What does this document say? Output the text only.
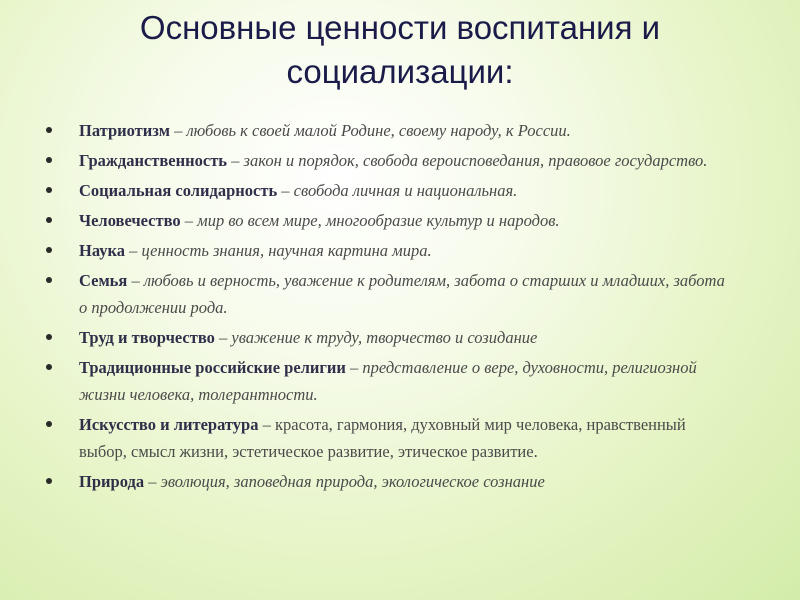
Основные ценности воспитания и социализации:
Патриотизм – любовь к своей малой Родине, своему народу, к России.
Гражданственность – закон и порядок, свобода вероисповедания, правовое государство.
Социальная солидарность – свобода личная и национальная.
Человечество – мир во всем мире, многообразие культур и народов.
Наука – ценность знания, научная картина мира.
Семья – любовь и верность, уважение к родителям, забота о старших и младших, забота о продолжении рода.
Труд и творчество – уважение к труду, творчество и созидание
Традиционные российские религии – представление о вере, духовности, религиозной жизни человека, толерантности.
Искусство и литература – красота, гармония, духовный мир человека, нравственный выбор, смысл жизни, эстетическое развитие, этическое развитие.
Природа – эволюция, заповедная природа, экологическое сознание
